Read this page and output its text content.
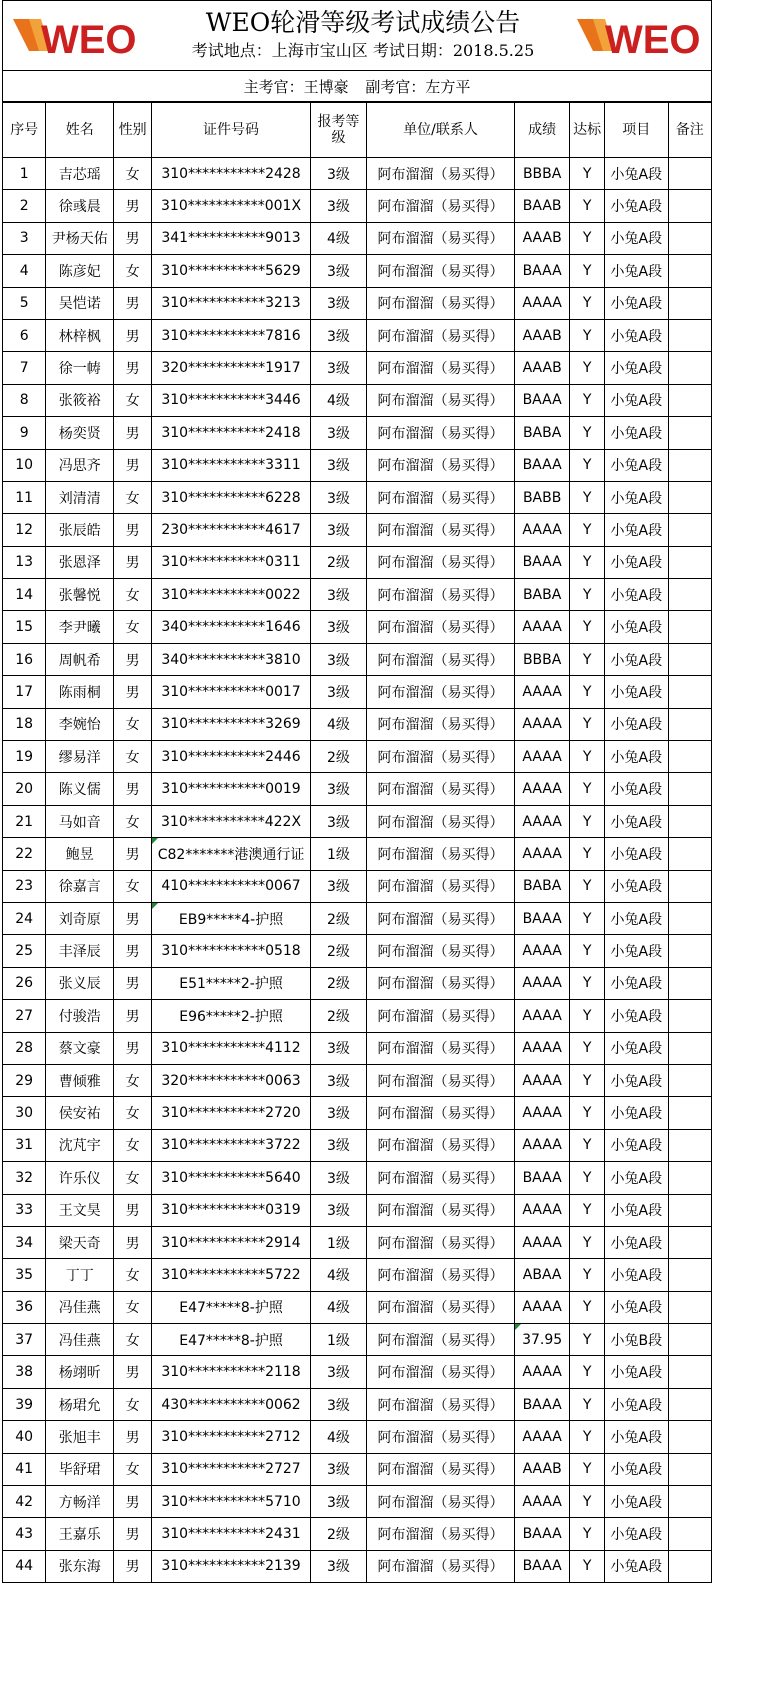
WEO	WEO轮滑等级考试成绩公告
考试地点：上海市宝山区 考试日期：2018.5.25	WEO
主考官：王博豪 副考官：左方平
序号	姓名	性别	证件号码	报考等级	单位/联系人	成绩	达标	项目	备注
1	吉芯瑶	女	310***********2428	3级	阿布溜溜（易买得）	BBBA	Y	小兔A段	
2	徐彧晨	男	310***********001X	3级	阿布溜溜（易买得）	BAAB	Y	小兔A段	
3	尹杨天佑	男	341***********9013	4级	阿布溜溜（易买得）	AAAB	Y	小兔A段	
4	陈彦妃	女	310***********5629	3级	阿布溜溜（易买得）	BAAA	Y	小兔A段	
5	吴恺诺	男	310***********3213	3级	阿布溜溜（易买得）	AAAA	Y	小兔A段	
6	林梓枫	男	310***********7816	3级	阿布溜溜（易买得）	AAAB	Y	小兔A段	
7	徐一帱	男	320***********1917	3级	阿布溜溜（易买得）	AAAB	Y	小兔A段	
8	张筱裕	女	310***********3446	4级	阿布溜溜（易买得）	BAAA	Y	小兔A段	
9	杨奕贤	男	310***********2418	3级	阿布溜溜（易买得）	BABA	Y	小兔A段	
10	冯思齐	男	310***********3311	3级	阿布溜溜（易买得）	BAAA	Y	小兔A段	
11	刘清清	女	310***********6228	3级	阿布溜溜（易买得）	BABB	Y	小兔A段	
12	张辰皓	男	230***********4617	3级	阿布溜溜（易买得）	AAAA	Y	小兔A段	
13	张恩泽	男	310***********0311	2级	阿布溜溜（易买得）	BAAA	Y	小兔A段	
14	张馨悦	女	310***********0022	3级	阿布溜溜（易买得）	BABA	Y	小兔A段	
15	李尹曦	女	340***********1646	3级	阿布溜溜（易买得）	AAAA	Y	小兔A段	
16	周帆希	男	340***********3810	3级	阿布溜溜（易买得）	BBBA	Y	小兔A段	
17	陈雨桐	男	310***********0017	3级	阿布溜溜（易买得）	AAAA	Y	小兔A段	
18	李婉怡	女	310***********3269	4级	阿布溜溜（易买得）	AAAA	Y	小兔A段	
19	缪易洋	女	310***********2446	2级	阿布溜溜（易买得）	AAAA	Y	小兔A段	
20	陈义儒	男	310***********0019	3级	阿布溜溜（易买得）	AAAA	Y	小兔A段	
21	马如音	女	310***********422X	3级	阿布溜溜（易买得）	AAAA	Y	小兔A段	
22	鲍昱	男	C82*******港澳通行证	1级	阿布溜溜（易买得）	AAAA	Y	小兔A段	
23	徐嘉言	女	410***********0067	3级	阿布溜溜（易买得）	BABA	Y	小兔A段	
24	刘奇原	男	EB9*****4-护照	2级	阿布溜溜（易买得）	BAAA	Y	小兔A段	
25	丰泽辰	男	310***********0518	2级	阿布溜溜（易买得）	AAAA	Y	小兔A段	
26	张义辰	男	E51*****2-护照	2级	阿布溜溜（易买得）	AAAA	Y	小兔A段	
27	付骏浩	男	E96*****2-护照	2级	阿布溜溜（易买得）	AAAA	Y	小兔A段	
28	蔡文豪	男	310***********4112	3级	阿布溜溜（易买得）	AAAA	Y	小兔A段	
29	曹倾雅	女	320***********0063	3级	阿布溜溜（易买得）	AAAA	Y	小兔A段	
30	侯安祐	女	310***********2720	3级	阿布溜溜（易买得）	AAAA	Y	小兔A段	
31	沈芃宇	女	310***********3722	3级	阿布溜溜（易买得）	AAAA	Y	小兔A段	
32	许乐仪	女	310***********5640	3级	阿布溜溜（易买得）	BAAA	Y	小兔A段	
33	王文昊	男	310***********0319	3级	阿布溜溜（易买得）	AAAA	Y	小兔A段	
34	梁天奇	男	310***********2914	1级	阿布溜溜（易买得）	AAAA	Y	小兔A段	
35	丁丁	女	310***********5722	4级	阿布溜溜（易买得）	ABAA	Y	小兔A段	
36	冯佳燕	女	E47*****8-护照	4级	阿布溜溜（易买得）	AAAA	Y	小兔A段	
37	冯佳燕	女	E47*****8-护照	1级	阿布溜溜（易买得）	37.95	Y	小兔B段	
38	杨翊昕	男	310***********2118	3级	阿布溜溜（易买得）	AAAA	Y	小兔A段	
39	杨珺允	女	430***********0062	3级	阿布溜溜（易买得）	BAAA	Y	小兔A段	
40	张旭丰	男	310***********2712	4级	阿布溜溜（易买得）	AAAA	Y	小兔A段	
41	毕舒珺	女	310***********2727	3级	阿布溜溜（易买得）	AAAB	Y	小兔A段	
42	方畅洋	男	310***********5710	3级	阿布溜溜（易买得）	AAAA	Y	小兔A段	
43	王嘉乐	男	310***********2431	2级	阿布溜溜（易买得）	BAAA	Y	小兔A段	
44	张东海	男	310***********2139	3级	阿布溜溜（易买得）	BAAA	Y	小兔A段	
